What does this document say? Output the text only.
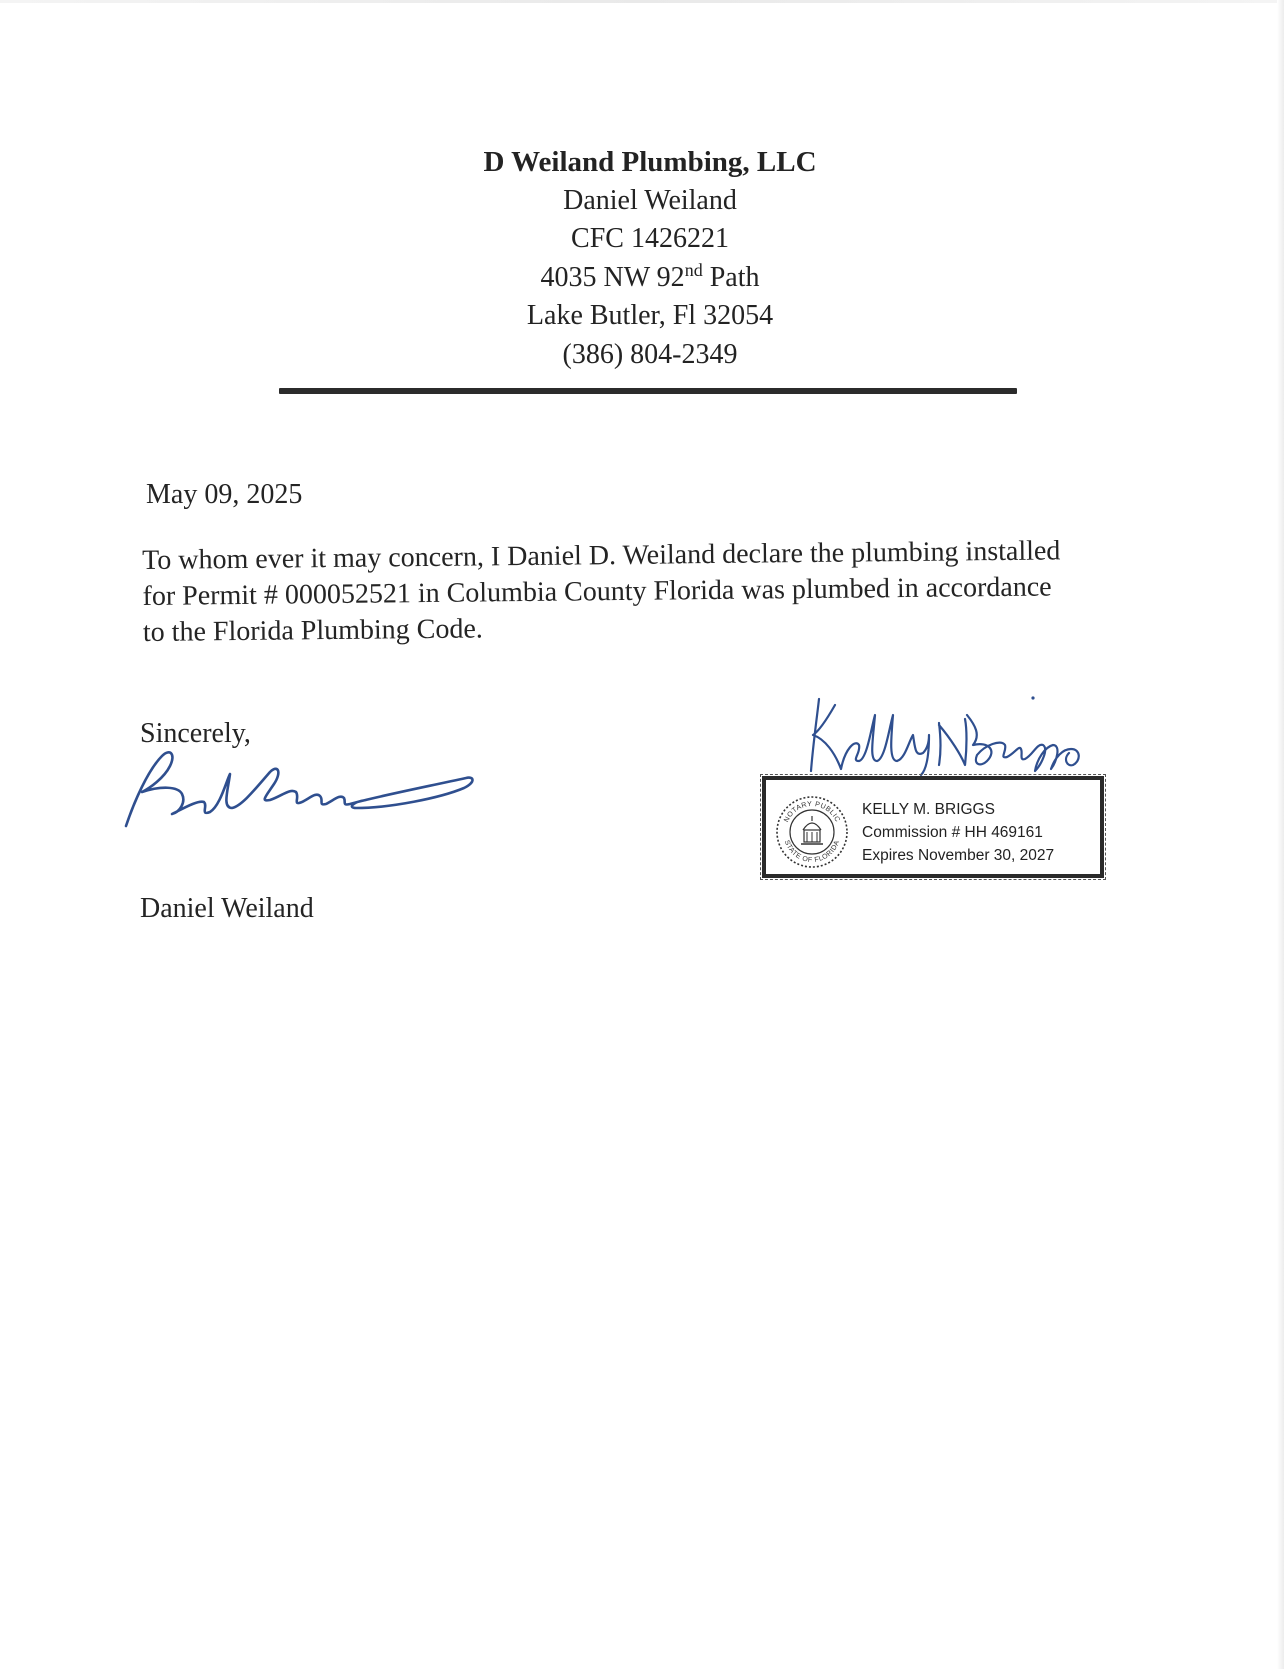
D Weiland Plumbing, LLC
Daniel Weiland
CFC 1426221
4035 NW 92nd Path
Lake Butler, Fl 32054
(386) 804-2349
May 09, 2025
To whom ever it may concern, I Daniel D. Weiland declare the plumbing installed
for Permit # 000052521 in Columbia County Florida was plumbed in accordance
to the Florida Plumbing Code.
Sincerely,
Daniel Weiland
NOTARY PUBLIC
STATE OF FLORIDA
KELLY M. BRIGGS
Commission # HH 469161
Expires November 30, 2027
